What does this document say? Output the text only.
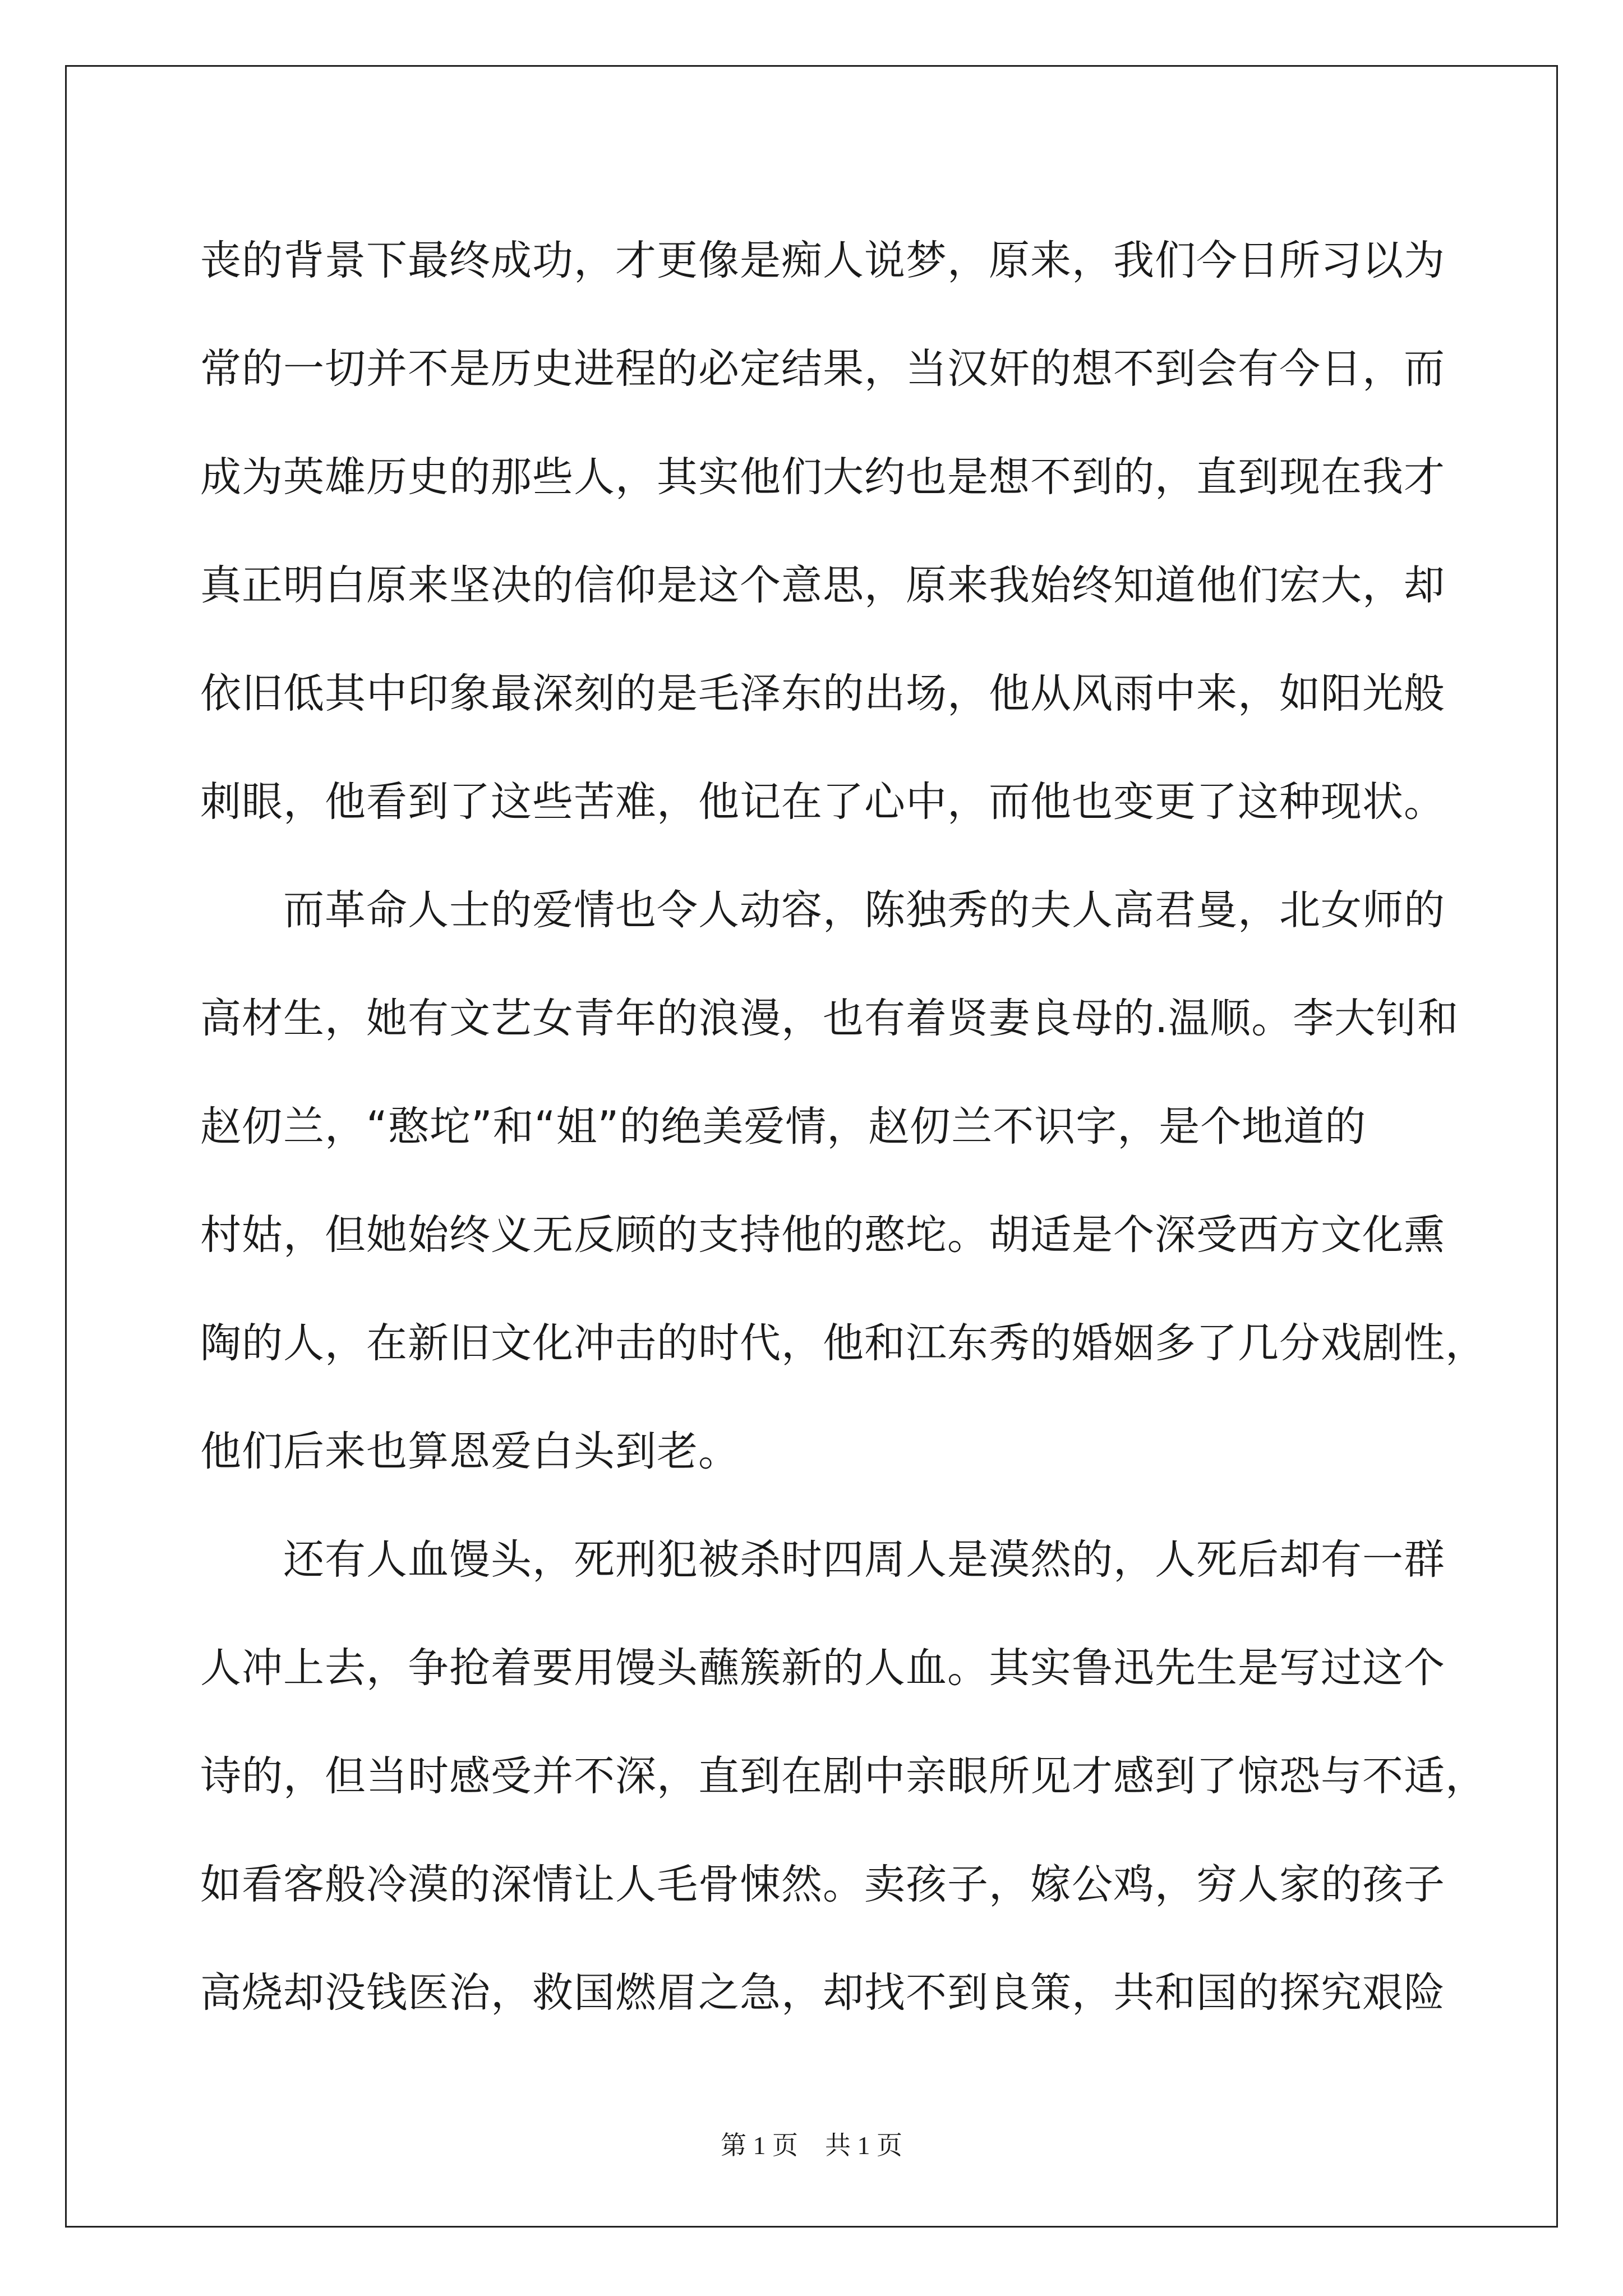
丧的背景下最终成功，才更像是痴人说梦，原来，我们今日所习以为
常的一切并不是历史进程的必定结果，当汉奸的想不到会有今日，而
成为英雄历史的那些人，其实他们大约也是想不到的，直到现在我才
真正明白原来坚决的信仰是这个意思，原来我始终知道他们宏大，却
依旧低其中印象最深刻的是毛泽东的出场，他从风雨中来，如阳光般
刺眼，他看到了这些苦难，他记在了心中，而他也变更了这种现状。
而革命人士的爱情也令人动容，陈独秀的夫人高君曼，北女师的
高材生，她有文艺女青年的浪漫，也有着贤妻良母的.温顺。李大钊和
赵仞兰，“憨坨”和“姐”的绝美爱情，赵仞兰不识字，是个地道的
村姑，但她始终义无反顾的支持他的憨坨。胡适是个深受西方文化熏
陶的人，在新旧文化冲击的时代，他和江东秀的婚姻多了几分戏剧性，
他们后来也算恩爱白头到老。
还有人血馒头，死刑犯被杀时四周人是漠然的，人死后却有一群
人冲上去，争抢着要用馒头蘸簇新的人血。其实鲁迅先生是写过这个
诗的，但当时感受并不深，直到在剧中亲眼所见才感到了惊恐与不适，
如看客般冷漠的深情让人毛骨悚然。卖孩子，嫁公鸡，穷人家的孩子
高烧却没钱医治，救国燃眉之急，却找不到良策，共和国的探究艰险
第 1 页 共 1 页
